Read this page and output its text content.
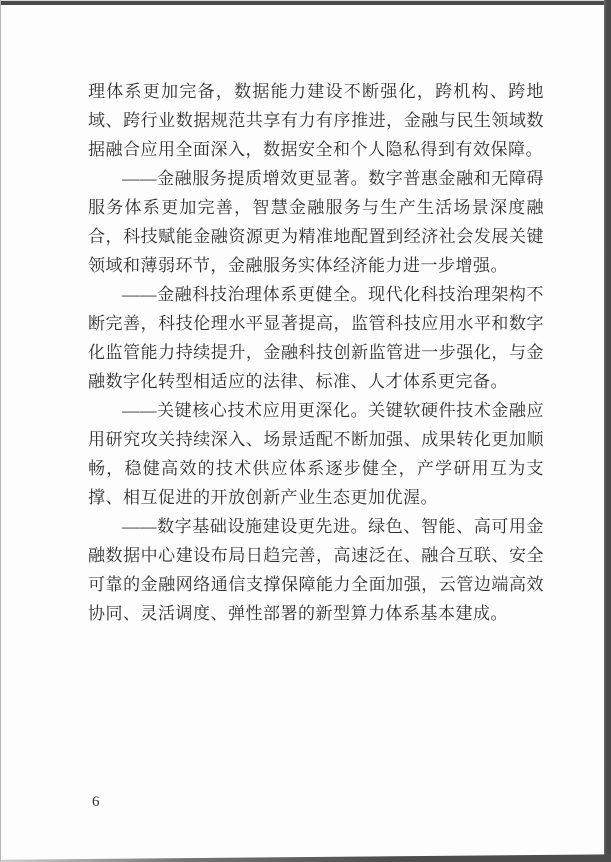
理体系更加完备，数据能力建设不断强化，跨机构、跨地域、跨行业数据规范共享有力有序推进，金融与民生领域数据融合应用全面深入，数据安全和个人隐私得到有效保障。

——金融服务提质增效更显著。数字普惠金融和无障碍服务体系更加完善，智慧金融服务与生产生活场景深度融合，科技赋能金融资源更为精准地配置到经济社会发展关键领域和薄弱环节，金融服务实体经济能力进一步增强。

——金融科技治理体系更健全。现代化科技治理架构不断完善，科技伦理水平显著提高，监管科技应用水平和数字化监管能力持续提升，金融科技创新监管进一步强化，与金融数字化转型相适应的法律、标准、人才体系更完备。

——关键核心技术应用更深化。关键软硬件技术金融应用研究攻关持续深入、场景适配不断加强、成果转化更加顺畅，稳健高效的技术供应体系逐步健全，产学研用互为支撑、相互促进的开放创新产业生态更加优渥。

——数字基础设施建设更先进。绿色、智能、高可用金融数据中心建设布局日趋完善，高速泛在、融合互联、安全可靠的金融网络通信支撑保障能力全面加强，云管边端高效协同、灵活调度、弹性部署的新型算力体系基本建成。

6
